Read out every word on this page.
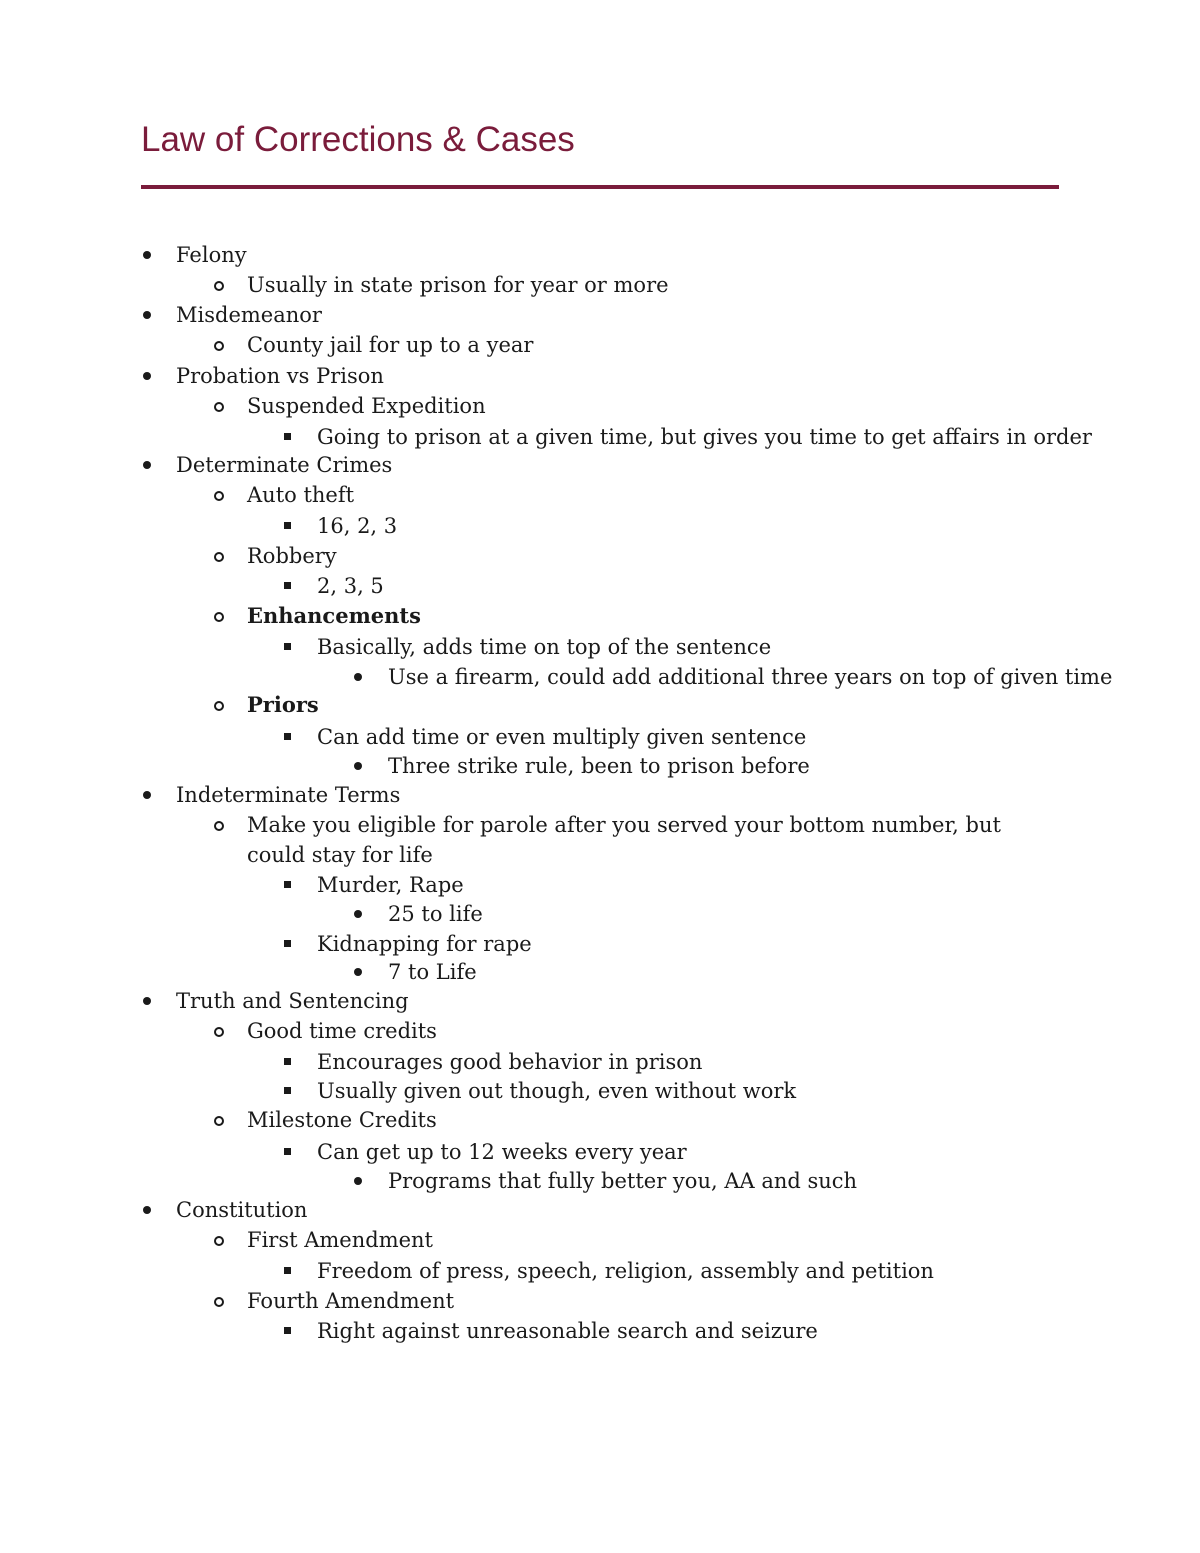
Law of Corrections & Cases
Felony
Usually in state prison for year or more
Misdemeanor
County jail for up to a year
Probation vs Prison
Suspended Expedition
Going to prison at a given time, but gives you time to get affairs in order
Determinate Crimes
Auto theft
16, 2, 3
Robbery
2, 3, 5
Enhancements
Basically, adds time on top of the sentence
Use a firearm, could add additional three years on top of given time
Priors
Can add time or even multiply given sentence
Three strike rule, been to prison before
Indeterminate Terms
Make you eligible for parole after you served your bottom number, but could stay for life
Murder, Rape
25 to life
Kidnapping for rape
7 to Life
Truth and Sentencing
Good time credits
Encourages good behavior in prison
Usually given out though, even without work
Milestone Credits
Can get up to 12 weeks every year
Programs that fully better you, AA and such
Constitution
First Amendment
Freedom of press, speech, religion, assembly and petition
Fourth Amendment
Right against unreasonable search and seizure
